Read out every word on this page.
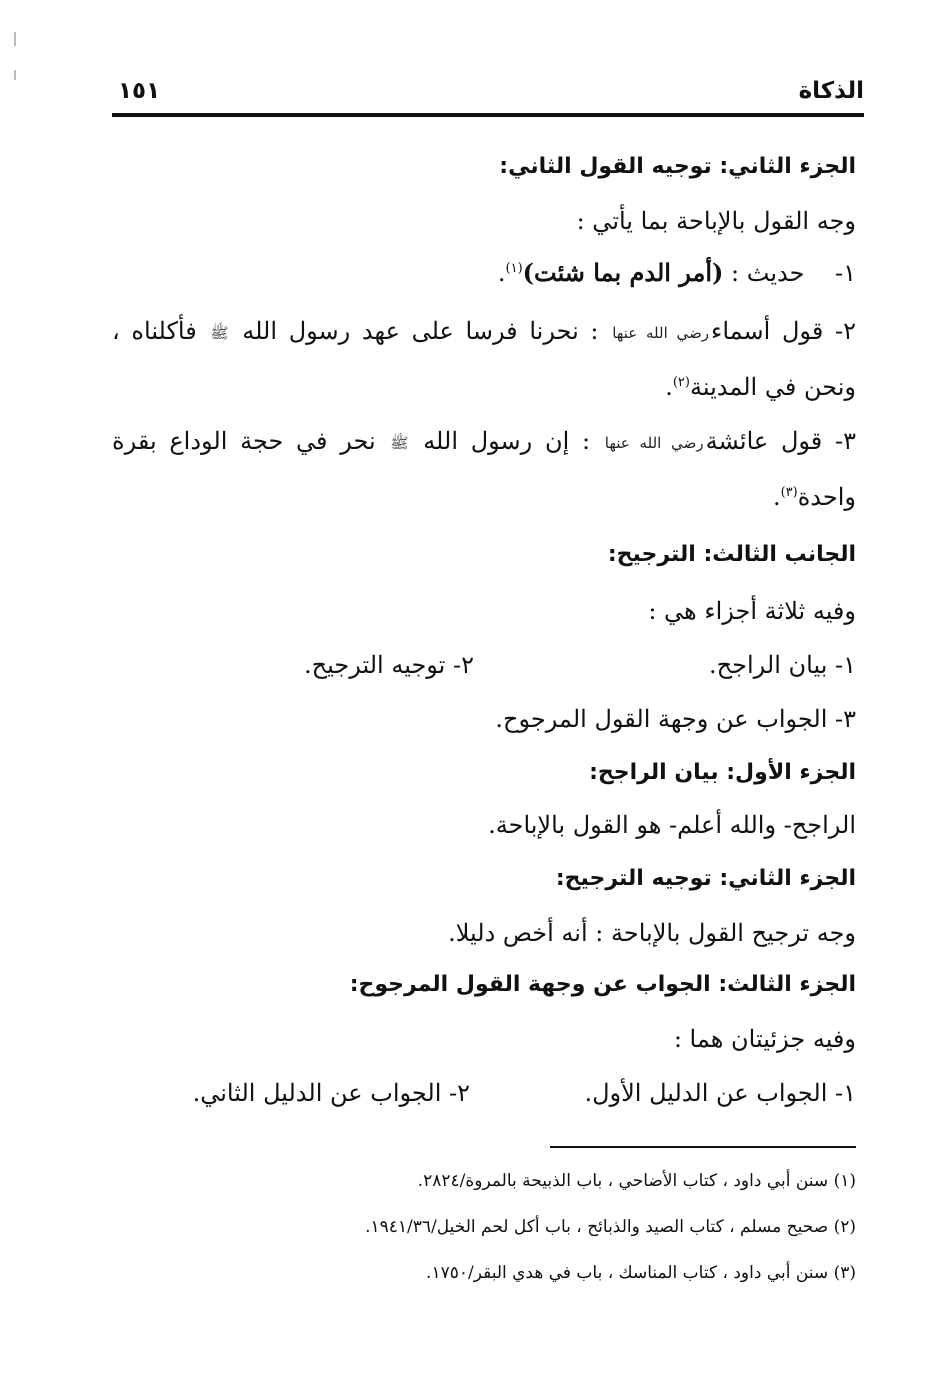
الذكاة
١٥١
الجزء الثاني: توجيه القول الثاني:
وجه القول بالإباحة بما يأتي :
١-    حديث : (أمر الدم بما شئت)$^{(١)}$.
٢- قول أسماءرضي الله عنها : نحرنا فرسا على عهد رسول الله ﷺ فأكلناه ،
ونحن في المدينة$^{(٢)}$.
٣- قول عائشةرضي الله عنها : إن رسول الله ﷺ نحر في حجة الوداع بقرة
واحدة$^{(٣)}$.
الجانب الثالث: الترجيح:
وفيه ثلاثة أجزاء هي :
١- بيان الراجح.
٢- توجيه الترجيح.
٣- الجواب عن وجهة القول المرجوح.
الجزء الأول: بيان الراجح:
الراجح- والله أعلم- هو القول بالإباحة.
الجزء الثاني: توجيه الترجيح:
وجه ترجيح القول بالإباحة : أنه أخص دليلا.
الجزء الثالث: الجواب عن وجهة القول المرجوح:
وفيه جزئيتان هما :
١- الجواب عن الدليل الأول.
٢- الجواب عن الدليل الثاني.
(١) سنن أبي داود ، كتاب الأضاحي ، باب الذبيحة بالمروة/٢٨٢٤.
(٢) صحيح مسلم ، كتاب الصيد والذبائح ، باب أكل لحم الخيل/١٩٤١/٣٦.
(٣) سنن أبي داود ، كتاب المناسك ، باب في هدي البقر/١٧٥٠.
